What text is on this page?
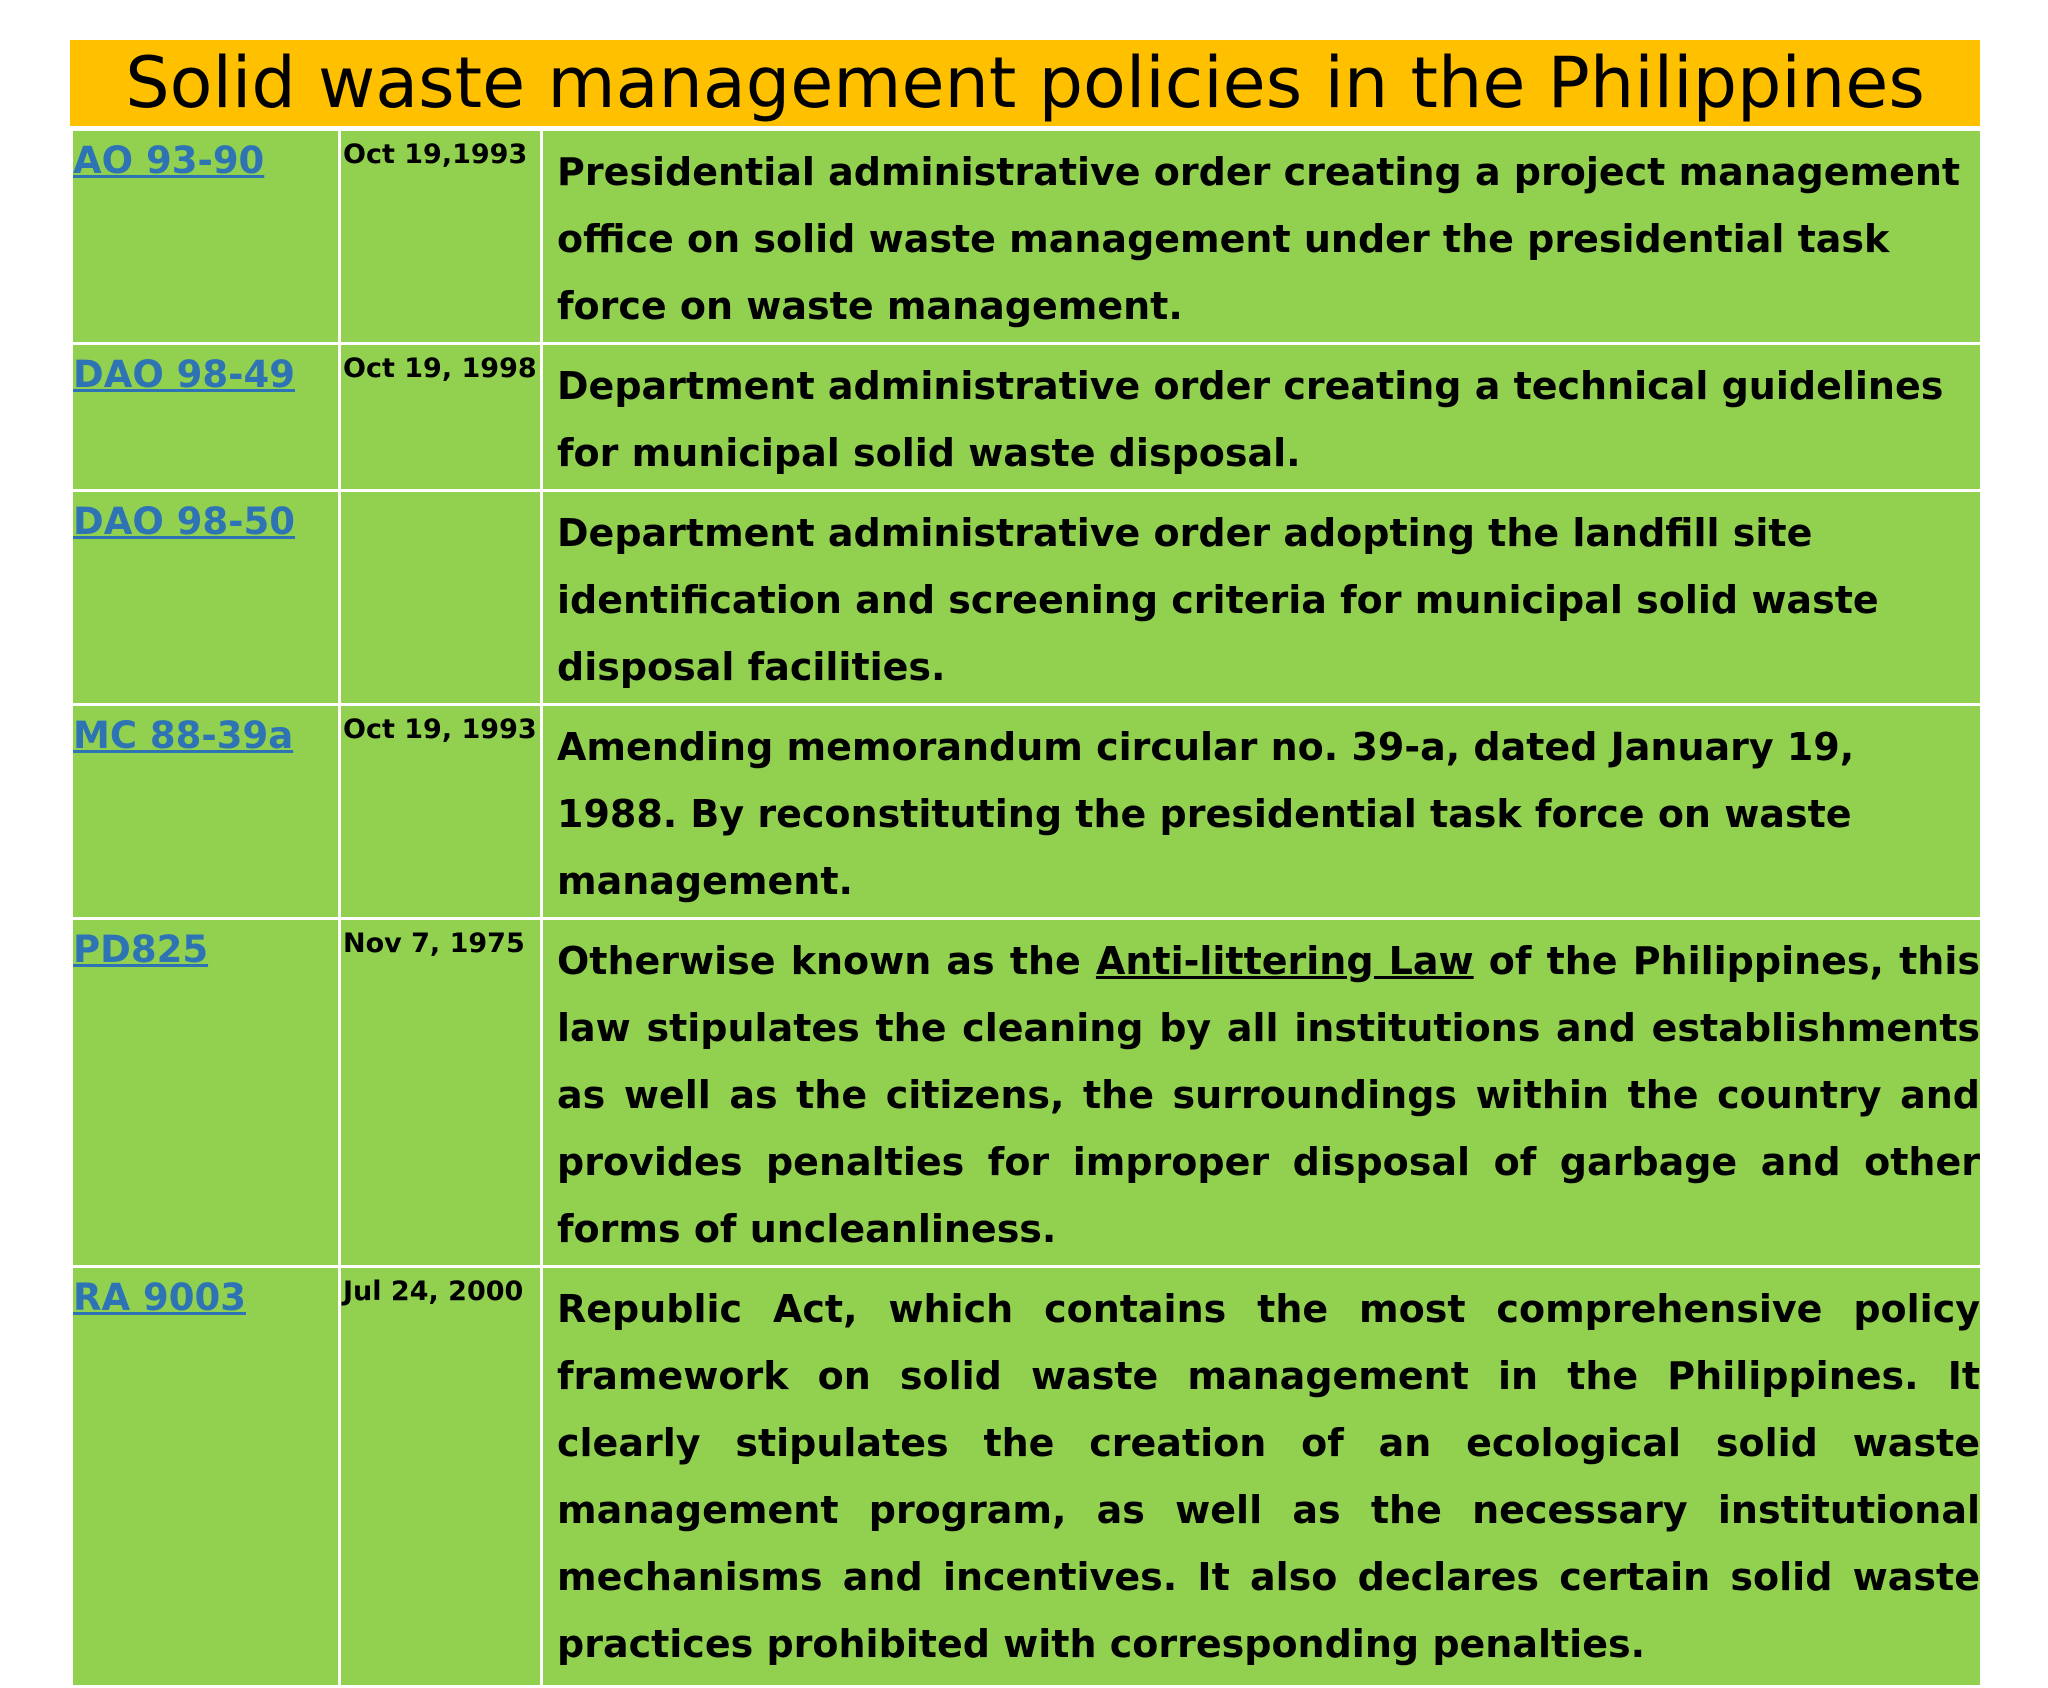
Solid waste management policies in the Philippines
AO 93-90	Oct 19,1993	Presidential administrative order creating a project management office on solid waste management under the presidential task force on waste management.

DAO 98-49	Oct 19, 1998	Department administrative order creating a technical guidelines for municipal solid waste disposal.

DAO 98-50		Department administrative order adopting the landfill site identification and screening criteria for municipal solid waste disposal facilities.

MC 88-39a	Oct 19, 1993	Amending memorandum circular no. 39-a, dated January 19, 1988. By reconstituting the presidential task force on waste management.

PD825	Nov 7, 1975	Otherwise known as the Anti-littering Law of the Philippines, this law stipulates the cleaning by all institutions and establishments as well as the citizens, the surroundings within the country and provides penalties for improper disposal of garbage and other forms of uncleanliness.

RA 9003	Jul 24, 2000	Republic Act, which contains the most comprehensive policy framework on solid waste management in the Philippines. It clearly stipulates the creation of an ecological solid waste management program, as well as the necessary institutional mechanisms and incentives. It also declares certain solid waste practices prohibited with corresponding penalties.
